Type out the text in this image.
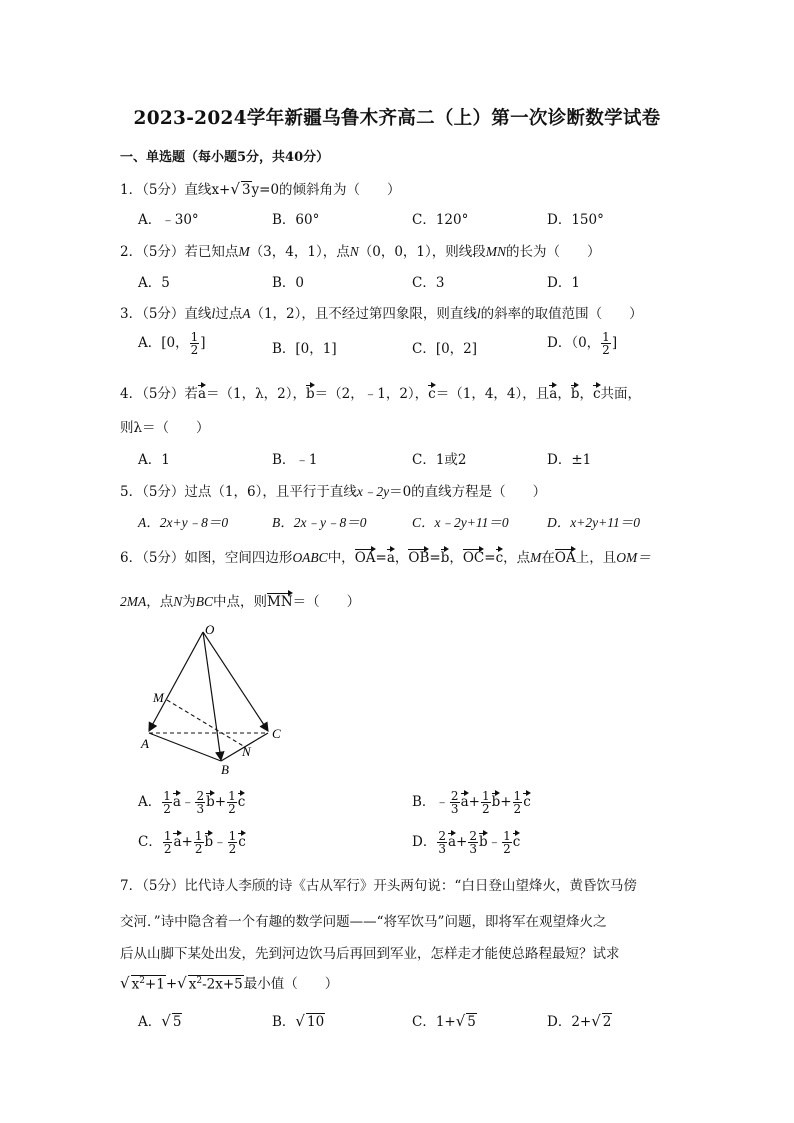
2023-2024学年新疆乌鲁木齐高二（上）第一次诊断数学试卷
一、单选题（每小题5分，共40分）
1．（5分）直线x+√ 3y=0的倾斜角为（　　）
A．﹣30°	B．60°	C．120°	D．150°
2．（5分）若已知点M（3，4，1），点N（0，0，1），则线段MN的长为（　　）
A．5	B．0	C．3	D．1
3．（5分）直线l过点A（1，2），且不经过第四象限，则直线l的斜率的取值范围（　　）
A．[0， $\frac{1}{2}$ ]	B．[0，1]	C．[0，2]	D．（0， $\frac{1}{2}$ ]
4．（5分）若a＝（1，λ，2），b＝（2，﹣1，2），c＝（1，4，4），且a，b，c共面，
则λ＝（　　）
A．1	B．﹣1	C．1或2	D．±1
5．（5分）过点（1，6），且平行于直线x﹣2y＝0的直线方程是（　　）
A．2x+y﹣8＝0	B．2x﹣y﹣8＝0	C．x﹣2y+11＝0	D．x+2y+11＝0
6．（5分）如图，空间四边形OABC中，OA=a，OB=b，OC=c，点M在OA上，且OM＝
2MA，点N为BC中点，则MN＝（　　）
O
M
A
B
C
N
A． $\frac{1}{2}$ a﹣ $\frac{2}{3} b+ \frac{1}{2}$ c	B．﹣ $\frac{2}{3} a+ \frac{1}{2} b+ \frac{1}{2}$ c
C． $\frac{1}{2} a+ \frac{1}{2}$ b﹣ $\frac{1}{2}$ c	D． $\frac{2}{3} a+ \frac{2}{3}$ b﹣ $\frac{1}{2}$ c
7．（5分）比代诗人李颀的诗《古从军行》开头两句说：“白日登山望烽火，黄昏饮马傍
交河．”诗中隐含着一个有趣的数学问题——“将军饮马”问题，即将军在观望烽火之
后从山脚下某处出发，先到河边饮马后再回到军业，怎样走才能使总路程最短？试求
√ $x^2+1+√$ $x^2-2x+5$最小值（　　）
A．√ 5	B．√ 10	C．1+√ 5	D．2+√ 2
